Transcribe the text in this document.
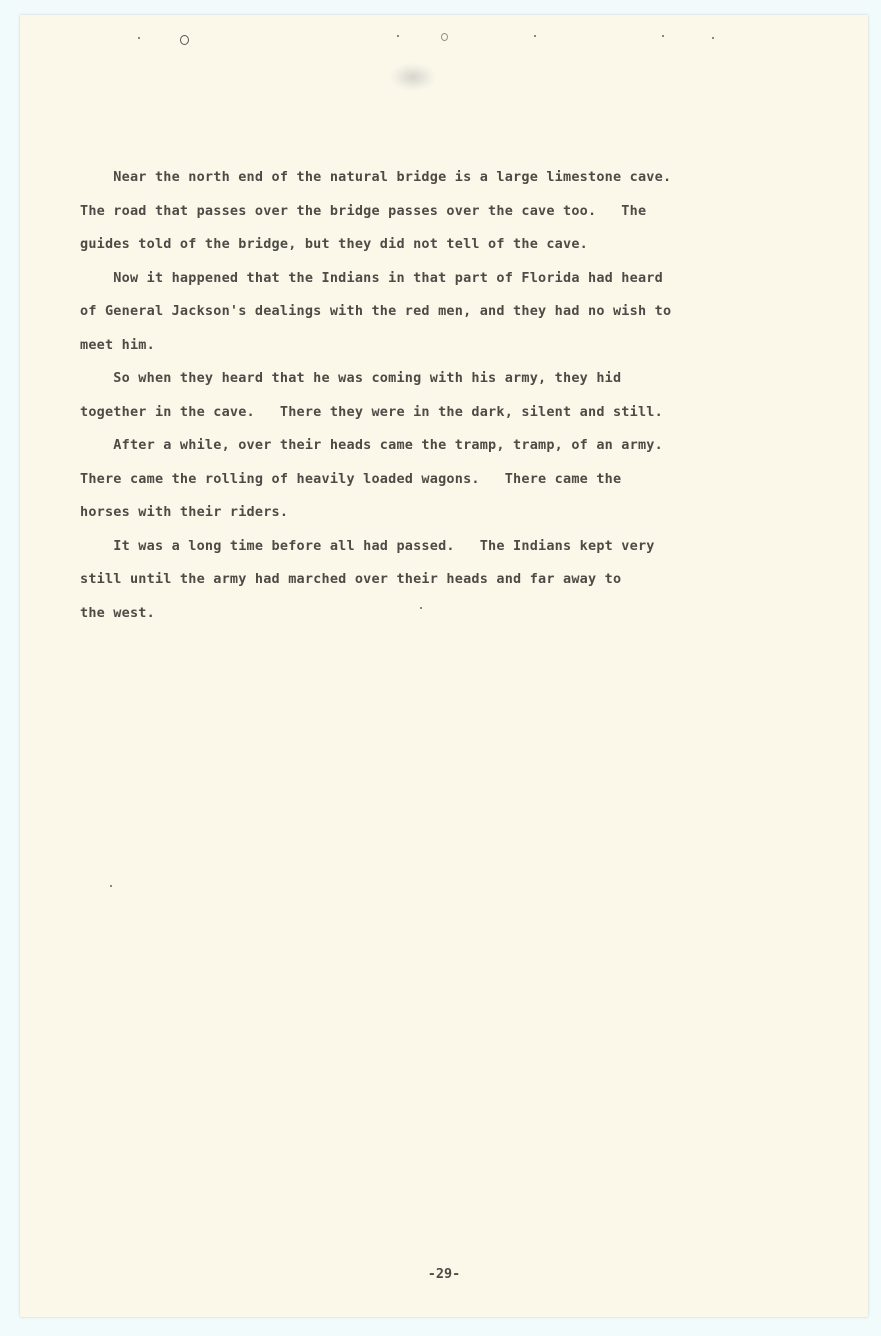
Near the north end of the natural bridge is a large limestone cave.
The road that passes over the bridge passes over the cave too.   The
guides told of the bridge, but they did not tell of the cave.
Now it happened that the Indians in that part of Florida had heard
of General Jackson's dealings with the red men, and they had no wish to
meet him.
So when they heard that he was coming with his army, they hid
together in the cave.   There they were in the dark, silent and still.
After a while, over their heads came the tramp, tramp, of an army.
There came the rolling of heavily loaded wagons.   There came the
horses with their riders.
It was a long time before all had passed.   The Indians kept very
still until the army had marched over their heads and far away to
the west.
-29-
